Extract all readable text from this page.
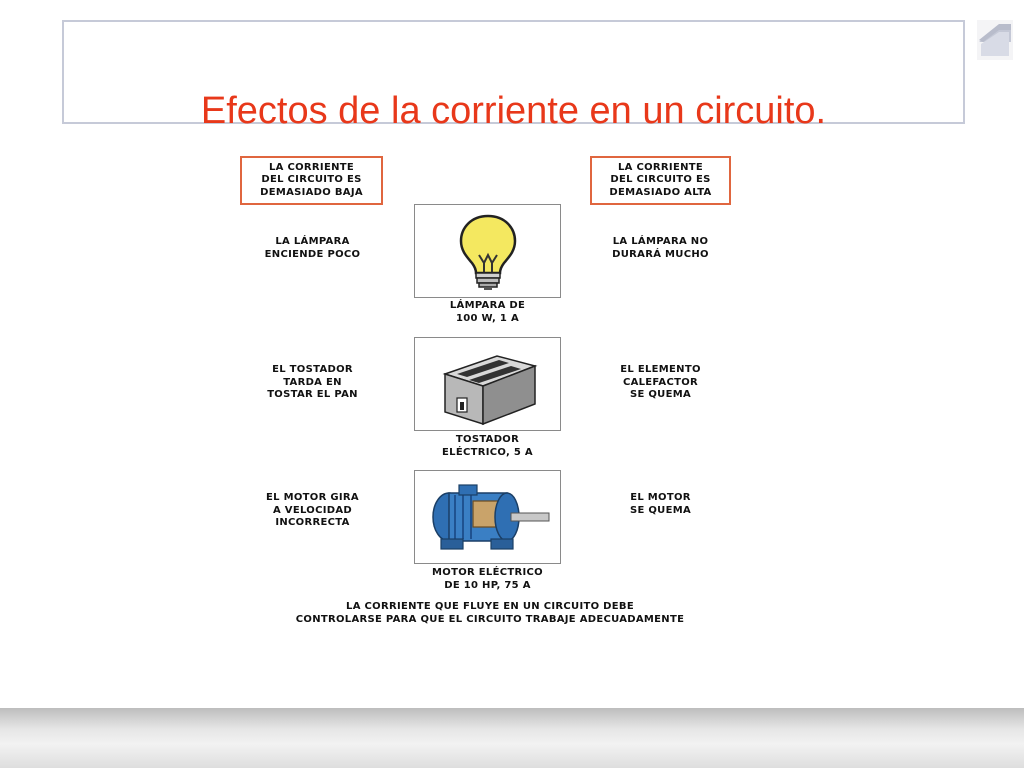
Efectos de la corriente en un circuito.
LA CORRIENTE
DEL CIRCUITO ES
DEMASIADO BAJA
LA CORRIENTE
DEL CIRCUITO ES
DEMASIADO ALTA
LA LÁMPARA
ENCIENDE POCO
LA LÁMPARA NO
DURARÁ MUCHO
LÁMPARA DE
100 W, 1 A
EL TOSTADOR
TARDA EN
TOSTAR EL PAN
EL ELEMENTO
CALEFACTOR
SE QUEMA
TOSTADOR
ELÉCTRICO, 5 A
EL MOTOR GIRA
A VELOCIDAD
INCORRECTA
EL MOTOR
SE QUEMA
MOTOR ELÉCTRICO
DE 10 HP, 75 A
LA CORRIENTE QUE FLUYE EN UN CIRCUITO DEBE
CONTROLARSE PARA QUE EL CIRCUITO TRABAJE ADECUADAMENTE
